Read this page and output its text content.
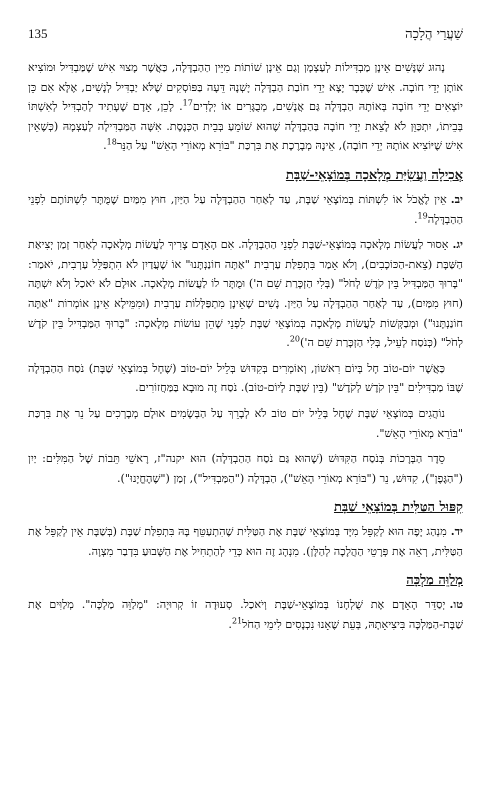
135	שַׁעֲרֵי הֲלָכָה

נָהוּג שֶׁנָּשִׁים אֵינָן מַבְדִּילוֹת לְעַצְמָן וְגַם אֵינָן שׁוֹתוֹת מִיֵּין הַהַבְדָּלָה, כַּאֲשֶׁר מָצוּי אִישׁ שֶׁמַּבְדִּיל וּמוֹצִיא אוֹתָן יְדֵי חוֹבָה. אִישׁ שֶׁכְּבָר יָצָא יְדֵי חוֹבַת הַבְדָּלָה יָשְׁנָהּ דֵּעָה בַּפּוֹסְקִים שֶׁלֹּא יַבְדִּיל לְנָשִׁים, אֶלָּא אִם כֵּן יוֹצְאִים יְדֵי חוֹבָה בְּאוֹתָהּ הַבְדָּלָה גַּם אֲנָשִׁים, מְבֻגָּרִים אוֹ יְלָדִים$^{17}$. לָכֵן, אָדָם שֶׁעָתִיד לְהַבְדִּיל לְאִשְׁתּוֹ בְּבֵיתוֹ, יִתְכַּוֵּן לֹא לָצֵאת יְדֵי חוֹבָה בַּהַבְדָּלָה שֶׁהוּא שׁוֹמֵעַ בְּבֵית הַכְּנֶסֶת. אִשָּׁה הַמַּבְדִּילָה לְעַצְמָהּ (כְּשֶׁאֵין אִישׁ שֶׁיּוֹצִיא אוֹתָהּ יְדֵי חוֹבָה), אֵינָהּ מְבָרֶכֶת אֶת בִּרְכַּת "בּוֹרֵא מְאוֹרֵי הָאֵשׁ" עַל הַנֵּר$^{18}$.

אֲכִילָה וַעֲשִׂיַּת מְלָאכָה בְּמוֹצָאֵי-שַׁבָּת

יב.אֵין לֶאֱכֹל אוֹ לִשְׁתּוֹת בְּמוֹצָאֵי שַׁבָּת, עַד לְאַחַר הַהַבְדָּלָה עַל הַיַּיִן, חוּץ מִמַּיִם שֶׁמֻּתָּר לִשְׁתּוֹתָם לִפְנֵי הַהַבְדָּלָה$^{19}$.

יג.אָסוּר לַעֲשׂוֹת מְלָאכָה בְּמוֹצָאֵי-שַׁבָּת לִפְנֵי הַהַבְדָּלָה. אִם הָאָדָם צָרִיךְ לַעֲשׂוֹת מְלָאכָה לְאַחַר זְמַן יְצִיאַת הַשַּׁבָּת (צֵאת-הַכּוֹכָבִים), וְלֹא אָמַר בִּתְפִלַּת עַרְבִית "אַתָּה חוֹנַנְתָּנוּ" אוֹ שֶׁעֲדַיִן לֹא הִתְפַּלֵּל עַרְבִית, יֹאמַר: "בָּרוּךְ הַמַּבְדִּיל בֵּין קֹדֶשׁ לְחֹל" (בְּלִי הַזְכָּרַת שֵׁם ה') וּמֻתָּר לוֹ לַעֲשׂוֹת מְלָאכָה. אוּלָם לֹא יֹאכַל וְלֹא יִשְׁתֶּה (חוּץ מִמַּיִם), עַד לְאַחַר הַהַבְדָּלָה עַל הַיַּיִן. נָשִׁים שֶׁאֵינָן מִתְפַּלְּלוֹת עַרְבִית (וּמִמֵּילָא אֵינָן אוֹמְרוֹת "אַתָּה חוֹנַנְתָּנוּ") וּמְבַקְּשׁוֹת לַעֲשׂוֹת מְלָאכָה בְּמוֹצָאֵי שַׁבָּת לִפְנֵי שֶׁהֵן עוֹשׂוֹת מְלָאכָה: "בָּרוּךְ הַמַּבְדִּיל בֵּין קֹדֶשׁ לְחֹל" (כְּנֹסַח לְעֵיל, בְּלִי הַזְכָּרַת שֵׁם ה')$^{20}$.

כַּאֲשֶׁר יוֹם-טוֹב חָל בְּיוֹם רִאשׁוֹן, וְאוֹמְרִים בְּקִדּוּשׁ בְּלֵיל יוֹם-טוֹב (שֶׁחָל בְּמוֹצָאֵי שַׁבָּת) נֹסַח הַהַבְדָּלָה שֶׁבּוֹ מַבְדִּילִים "בֵּין קֹדֶשׁ לְקֹדֶשׁ" (בֵּין שַׁבָּת לְיוֹם-טוֹב). נֹסַח זֶה מוּבָא בַּמַּחֲזוֹרִים.

נוֹהֲגִים בְּמוֹצָאֵי שַׁבָּת שֶׁחָל בְּלֵיל יוֹם טוֹב לֹא לְבָרֵךְ עַל הַבְּשָׂמִים אוּלָם מְבָרְכִים עַל נֵר אֶת בִּרְכַּת "בּוֹרֵא מְאוֹרֵי הָאֵשׁ".

סֵדֶר הַבְּרָכוֹת בְּנֹסַח הַקִּדּוּשׁ (שֶׁהוּא גַּם נֹסַח הַהַבְדָּלָה) הוּא יקנה"ז, רָאשֵׁי תֵּבוֹת שֶׁל הַמִּלִּים: יַיִן ("הַגֶּפֶן"), קִדּוּשׁ, נֵר ("בּוֹרֵא מְאוֹרֵי הָאֵשׁ"), הַבְדָּלָה ("הַמַּבְדִּיל"), זְמַן ("שֶׁהֶחֱיָנוּ").

קִפּוּל הַטַּלִּית בְּמוֹצָאֵי שַׁבָּת

יד.מִנְהַג יָפֶה הוּא לְקַפֵּל מִיָּד בְּמוֹצָאֵי שַׁבָּת אֶת הַטַּלִּית שֶׁהִתְעַטֵּף בָּהּ בִּתְפִלַּת שַׁבָּת (בְּשַׁבָּת אֵין לְקַפֵּל אֶת הַטַּלִּית, רְאֵה אֶת פְּרָטֵי הַהֲלָכָה לְהַלָּן). מִנְהָג זֶה הוּא כְּדֵי לְהַתְחִיל אֶת הַשָּׁבוּעַ בִּדְבַר מִצְוָה.

מְלַוֵּה מַלְכָּה

טו.יְסַדֵּר הָאָדָם אֶת שֻׁלְחָנוֹ בְּמוֹצָאֵי-שַׁבָּת וְיֹאכַל. סְעוּדָה זוֹ קְרוּיָה: "מְלַוֵּה מַלְכָּה". מְלַוִּים אֶת שַׁבָּת-הַמַּלְכָּה בִּיצִיאָתָהּ, בְּעֵת שֶׁאָנוּ נִכְנָסִים לִימֵי הַחֹל$^{21}$.
